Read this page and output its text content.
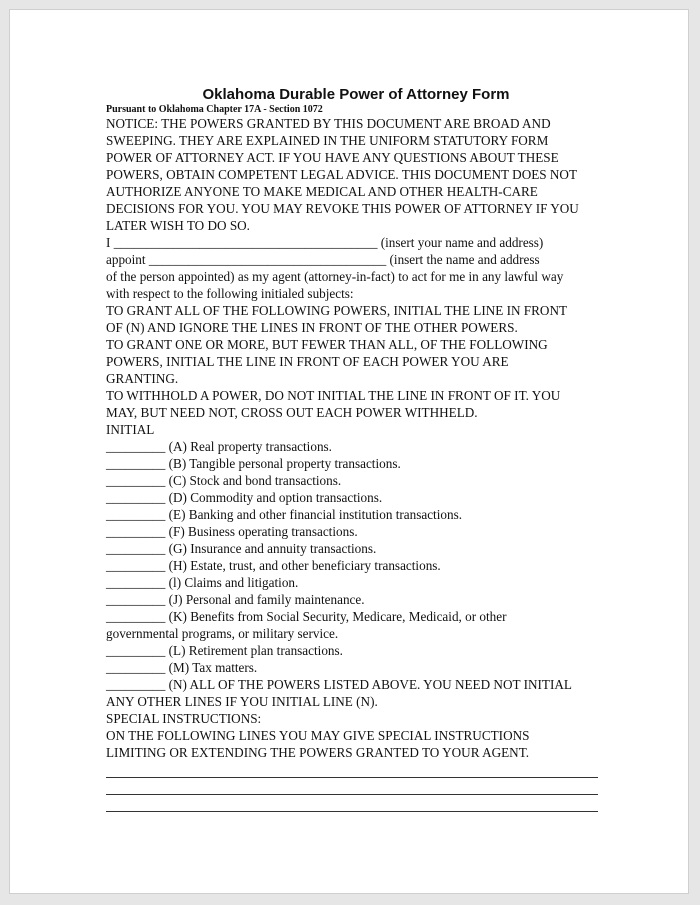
Oklahoma Durable Power of Attorney Form
Pursuant to Oklahoma Chapter 17A - Section 1072
NOTICE: THE POWERS GRANTED BY THIS DOCUMENT ARE BROAD AND
SWEEPING. THEY ARE EXPLAINED IN THE UNIFORM STATUTORY FORM
POWER OF ATTORNEY ACT. IF YOU HAVE ANY QUESTIONS ABOUT THESE
POWERS, OBTAIN COMPETENT LEGAL ADVICE. THIS DOCUMENT DOES NOT
AUTHORIZE ANYONE TO MAKE MEDICAL AND OTHER HEALTH-CARE
DECISIONS FOR YOU. YOU MAY REVOKE THIS POWER OF ATTORNEY IF YOU
LATER WISH TO DO SO.
I ________________________________________ (insert your name and address)
appoint ____________________________________ (insert the name and address
of the person appointed) as my agent (attorney-in-fact) to act for me in any lawful way
with respect to the following initialed subjects:
TO GRANT ALL OF THE FOLLOWING POWERS, INITIAL THE LINE IN FRONT
OF (N) AND IGNORE THE LINES IN FRONT OF THE OTHER POWERS.
TO GRANT ONE OR MORE, BUT FEWER THAN ALL, OF THE FOLLOWING
POWERS, INITIAL THE LINE IN FRONT OF EACH POWER YOU ARE
GRANTING.
TO WITHHOLD A POWER, DO NOT INITIAL THE LINE IN FRONT OF IT. YOU
MAY, BUT NEED NOT, CROSS OUT EACH POWER WITHHELD.
INITIAL
_________ (A) Real property transactions.
_________ (B) Tangible personal property transactions.
_________ (C) Stock and bond transactions.
_________ (D) Commodity and option transactions.
_________ (E) Banking and other financial institution transactions.
_________ (F) Business operating transactions.
_________ (G) Insurance and annuity transactions.
_________ (H) Estate, trust, and other beneficiary transactions.
_________ (l) Claims and litigation.
_________ (J) Personal and family maintenance.
_________ (K) Benefits from Social Security, Medicare, Medicaid, or other
governmental programs, or military service.
_________ (L) Retirement plan transactions.
_________ (M) Tax matters.
_________ (N) ALL OF THE POWERS LISTED ABOVE. YOU NEED NOT INITIAL
ANY OTHER LINES IF YOU INITIAL LINE (N).
SPECIAL INSTRUCTIONS:
ON THE FOLLOWING LINES YOU MAY GIVE SPECIAL INSTRUCTIONS
LIMITING OR EXTENDING THE POWERS GRANTED TO YOUR AGENT.
